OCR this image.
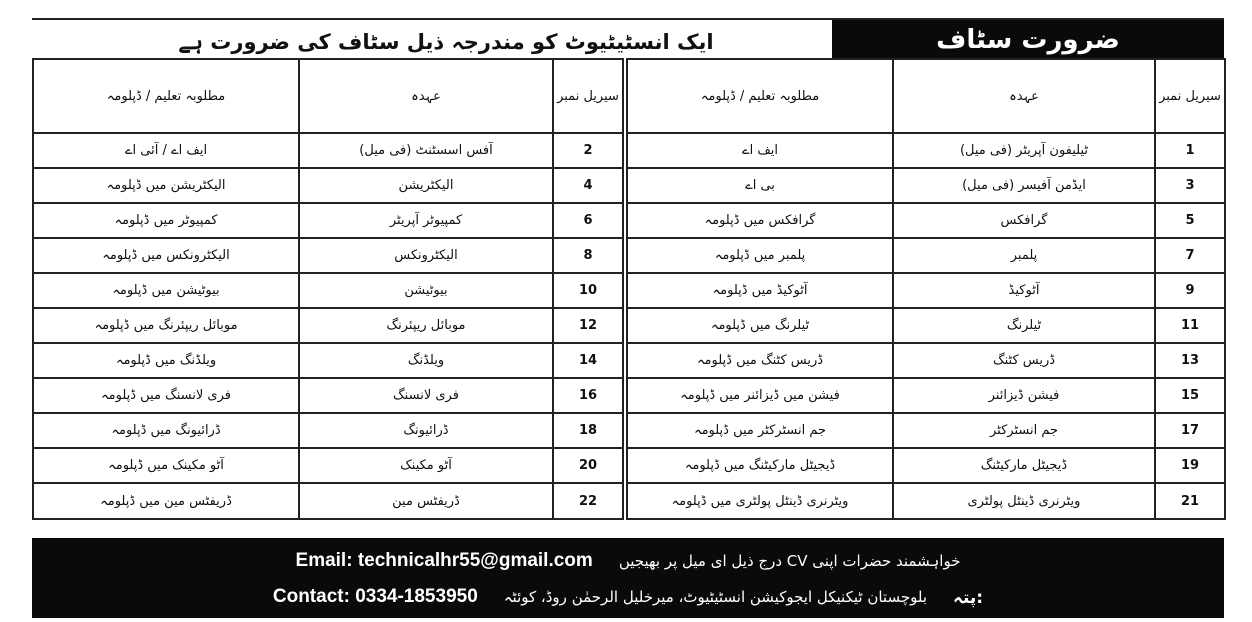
ضرورت سٹاف
ایک انسٹیٹیوٹ کو مندرجہ ذیل سٹاف کی ضرورت ہے
سیریل نمبر	عہدہ	مطلوبہ تعلیم / ڈپلومہ	سیریل نمبر	عہدہ	مطلوبہ تعلیم / ڈپلومہ
1	ٹیلیفون آپریٹر (فی میل)	ایف اے	2	آفس اسسٹنٹ (فی میل)	ایف اے / آئی اے
3	ایڈمن آفیسر (فی میل)	بی اے	4	الیکٹریشن	الیکٹریشن میں ڈپلومہ
5	گرافکس	گرافکس میں ڈپلومہ	6	کمپیوٹر آپریٹر	کمپیوٹر میں ڈپلومہ
7	پلمبر	پلمبر میں ڈپلومہ	8	الیکٹرونکس	الیکٹرونکس میں ڈپلومہ
9	آٹوکیڈ	آٹوکیڈ میں ڈپلومہ	10	بیوٹیشن	بیوٹیشن میں ڈپلومہ
11	ٹیلرنگ	ٹیلرنگ میں ڈپلومہ	12	موبائل ریپئرنگ	موبائل ریپئرنگ میں ڈپلومہ
13	ڈریس کٹنگ	ڈریس کٹنگ میں ڈپلومہ	14	ویلڈنگ	ویلڈنگ میں ڈپلومہ
15	فیشن ڈیزائنر	فیشن میں ڈیزائنر میں ڈپلومہ	16	فری لانسنگ	فری لانسنگ میں ڈپلومہ
17	جم انسٹرکٹر	جم انسٹرکٹر میں ڈپلومہ	18	ڈرائیونگ	ڈرائیونگ میں ڈپلومہ
19	ڈیجیٹل مارکیٹنگ	ڈیجیٹل مارکیٹنگ میں ڈپلومہ	20	آٹو مکینک	آٹو مکینک میں ڈپلومہ
21	ویٹرنری ڈینٹل پولٹری	ویٹرنری ڈینٹل پولٹری میں ڈپلومہ	22	ڈریفٹس مین	ڈریفٹس مین میں ڈپلومہ
Email: technicalhr55@gmail.com خواہشمند حضرات اپنی CV درج ذیل ای میل پر بھیجیں
Contact: 0334-1853950 بلوچستان ٹیکنیکل ایجوکیشن انسٹیٹیوٹ، میرخلیل الرحمٰن روڈ، کوئٹہ پتہ:
